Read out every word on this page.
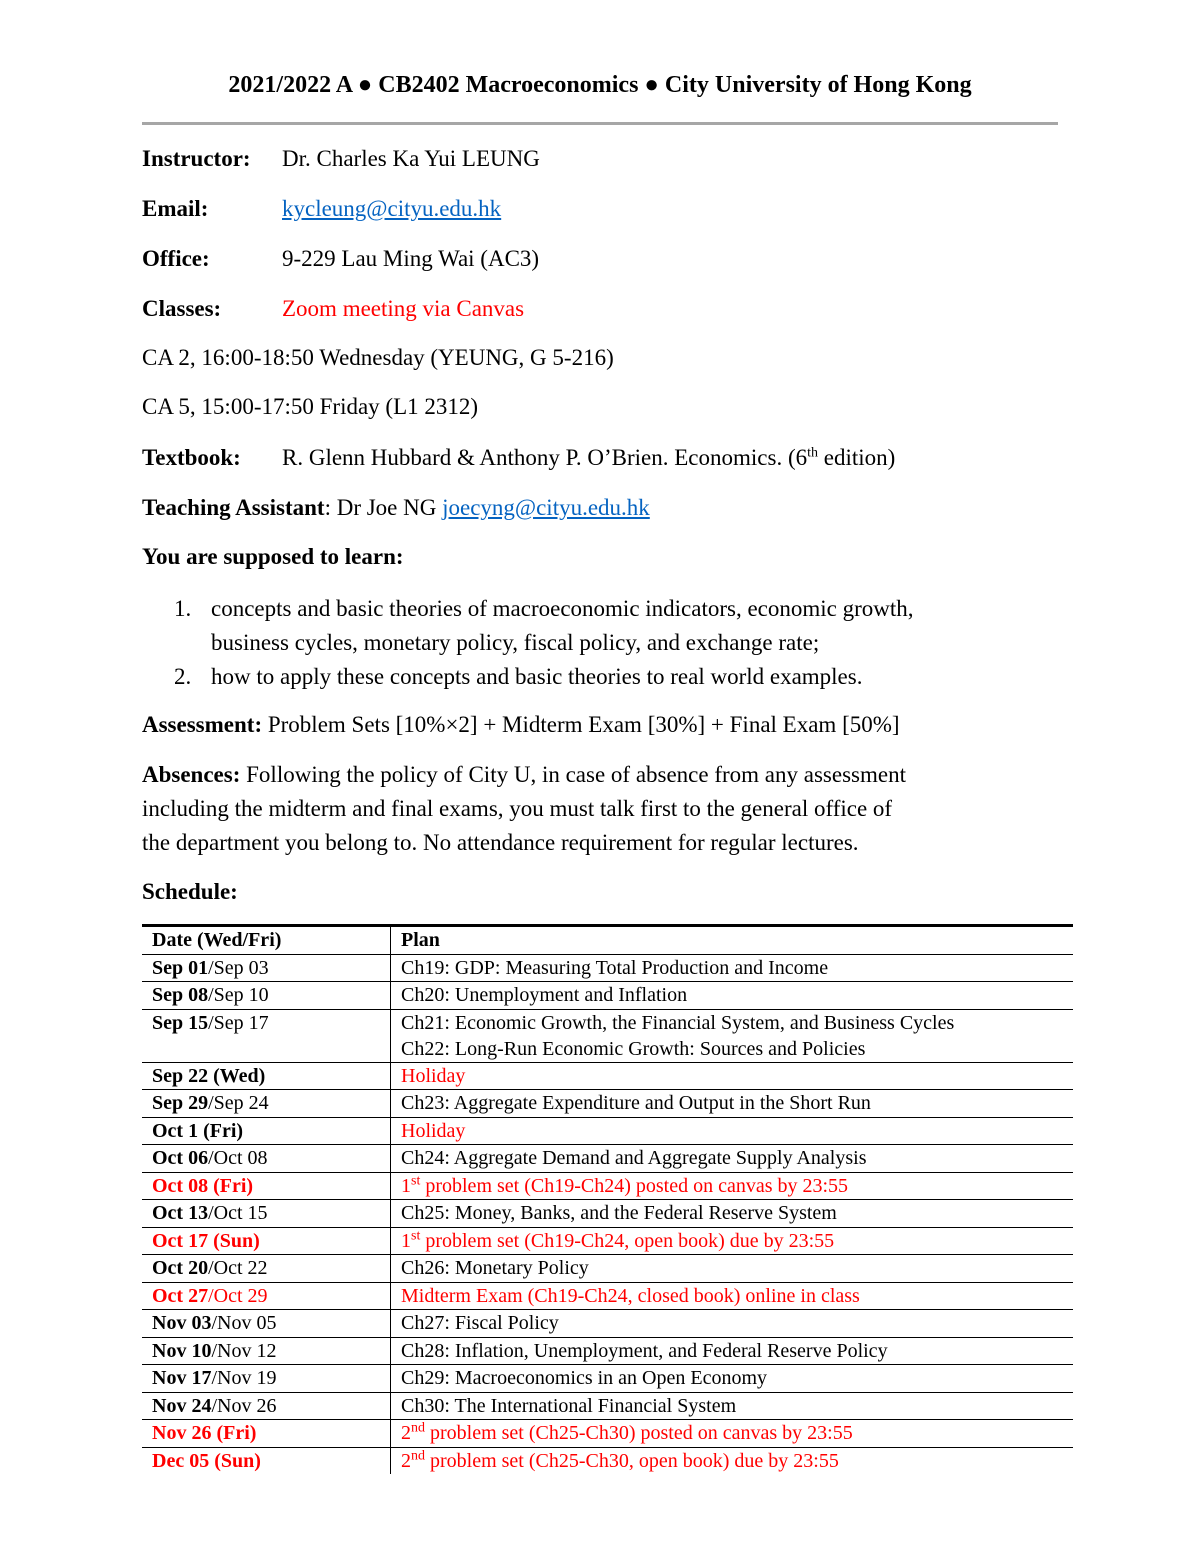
2021/2022 A ● CB2402 Macroeconomics ● City University of Hong Kong
Instructor: Dr. Charles Ka Yui LEUNG
Email:	kycleung@cityu.edu.hk
Office:	9-229 Lau Ming Wai (AC3)
Classes:	Zoom meeting via Canvas
CA 2, 16:00-18:50 Wednesday (YEUNG, G 5-216)
CA 5, 15:00-17:50 Friday (L1 2312)
Textbook: R. Glenn Hubbard & Anthony P. O’Brien. Economics. (6th edition)
Teaching Assistant: Dr Joe NG joecyng@cityu.edu.hk
You are supposed to learn:
1. concepts and basic theories of macroeconomic indicators, economic growth,
business cycles, monetary policy, fiscal policy, and exchange rate;
2. how to apply these concepts and basic theories to real world examples.
Assessment: Problem Sets [10%×2] + Midterm Exam [30%] + Final Exam [50%]
Absences: Following the policy of City U, in case of absence from any assessment
including the midterm and final exams, you must talk first to the general office of
the department you belong to. No attendance requirement for regular lectures.
Schedule:
Date (Wed/Fri)	Plan
Sep 01/Sep 03	Ch19: GDP: Measuring Total Production and Income
Sep 08/Sep 10	Ch20: Unemployment and Inflation
Sep 15/Sep 17	Ch21: Economic Growth, the Financial System, and Business Cycles
Ch22: Long-Run Economic Growth: Sources and Policies

Sep 22 (Wed)	Holiday
Sep 29/Sep 24	Ch23: Aggregate Expenditure and Output in the Short Run
Oct 1 (Fri)	Holiday
Oct 06/Oct 08	Ch24: Aggregate Demand and Aggregate Supply Analysis
Oct 08 (Fri)	1st problem set (Ch19-Ch24) posted on canvas by 23:55
Oct 13/Oct 15	Ch25: Money, Banks, and the Federal Reserve System
Oct 17 (Sun)	1st problem set (Ch19-Ch24, open book) due by 23:55
Oct 20/Oct 22	Ch26: Monetary Policy
Oct 27/Oct 29	Midterm Exam (Ch19-Ch24, closed book) online in class
Nov 03/Nov 05	Ch27: Fiscal Policy
Nov 10/Nov 12	Ch28: Inflation, Unemployment, and Federal Reserve Policy
Nov 17/Nov 19	Ch29: Macroeconomics in an Open Economy
Nov 24/Nov 26	Ch30: The International Financial System
Nov 26 (Fri)	2nd problem set (Ch25-Ch30) posted on canvas by 23:55
Dec 05 (Sun)	2nd problem set (Ch25-Ch30, open book) due by 23:55
